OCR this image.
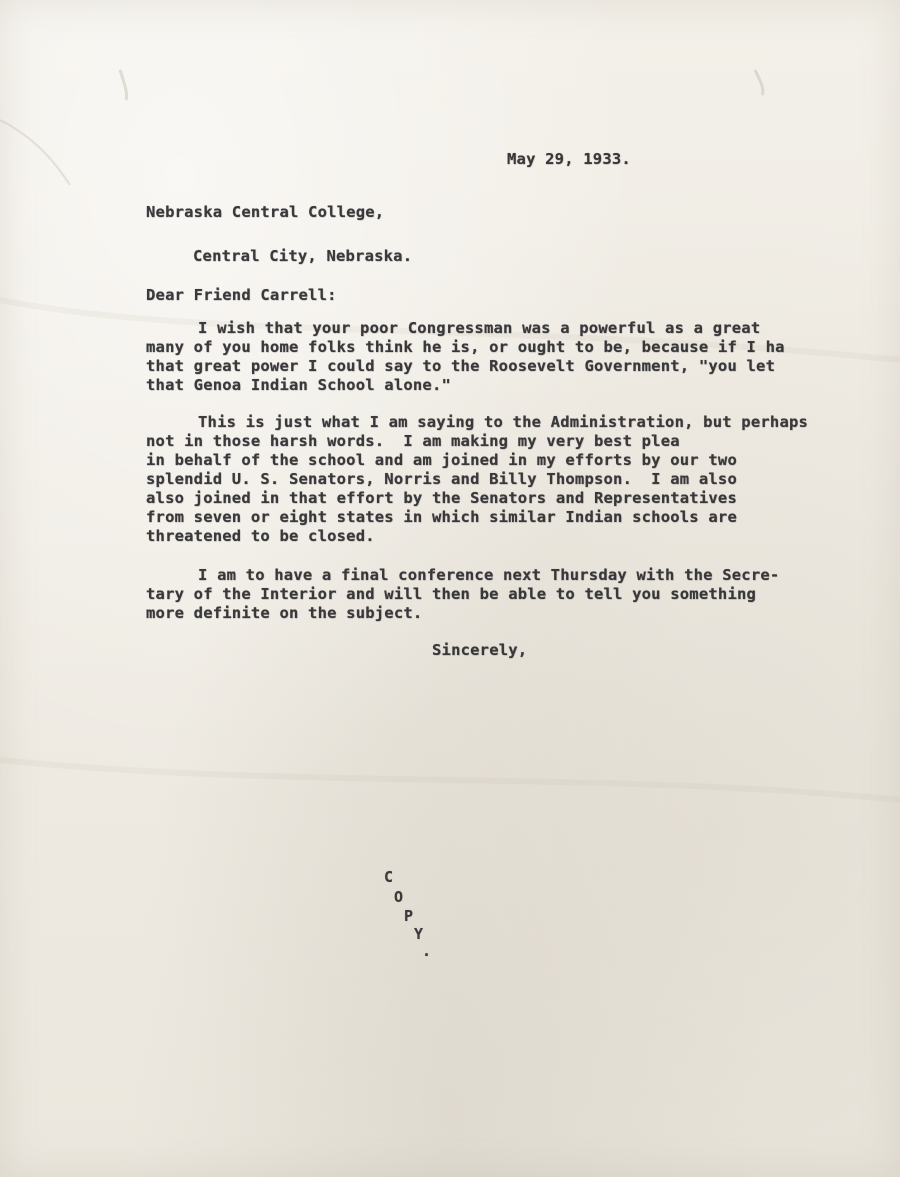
May 29, 1933.
Nebraska Central College,
Central City, Nebraska.
Dear Friend Carrell:
I wish that your poor Congressman was a powerful as a great
many of you home folks think he is, or ought to be, because if I ha
that great power I could say to the Roosevelt Government, "you let
that Genoa Indian School alone."
This is just what I am saying to the Administration, but perhaps
not in those harsh words.  I am making my very best plea
in behalf of the school and am joined in my efforts by our two
splendid U. S. Senators, Norris and Billy Thompson.  I am also
also joined in that effort by the Senators and Representatives
from seven or eight states in which similar Indian schools are
threatened to be closed.
I am to have a final conference next Thursday with the Secre-
tary of the Interior and will then be able to tell you something
more definite on the subject.
Sincerely,
C
O
P
Y
.
